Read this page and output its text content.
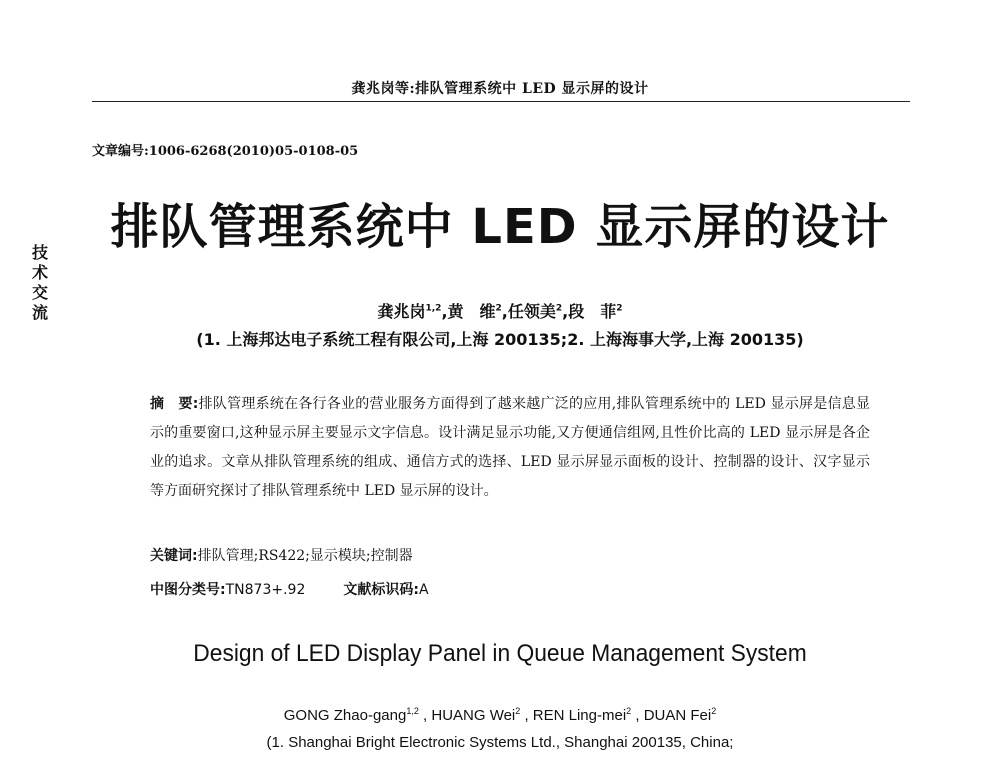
龚兆岗等:排队管理系统中 LED 显示屏的设计
文章编号:1006-6268(2010)05-0108-05
技
术
交
流
排队管理系统中 LED 显示屏的设计
龚兆岗$^{1,2}$,黄　维$^2$,任领美$^2$,段　菲$^2$
(1. 上海邦达电子系统工程有限公司,上海 200135;2. 上海海事大学,上海 200135)
摘　要:排队管理系统在各行各业的营业服务方面得到了越来越广泛的应用,排队管理系统中的 LED 显示屏是信息显示的重要窗口,这种显示屏主要显示文字信息。设计满足显示功能,又方便通信组网,且性价比高的 LED 显示屏是各企业的追求。文章从排队管理系统的组成、通信方式的选择、LED 显示屏显示面板的设计、控制器的设计、汉字显示等方面研究探讨了排队管理系统中 LED 显示屏的设计。
关键词:排队管理;RS422;显示模块;控制器
中图分类号:TN873+.92	文献标识码:A
Design of LED Display Panel in Queue Management System
GONG Zhao-gang$^{1,2}$ , HUANG Wei$^2$ , REN Ling-mei$^2$ , DUAN Fei$^2$
(1. Shanghai Bright Electronic Systems Ltd., Shanghai 200135, China;
